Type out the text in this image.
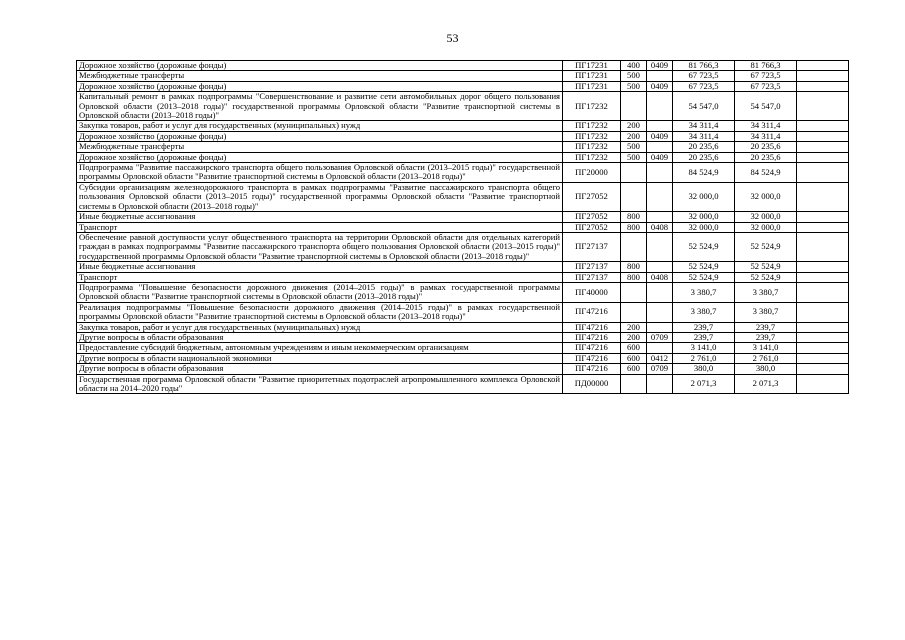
53
Дорожное хозяйство (дорожные фонды)	ПГ17231	400	0409	81 766,3	81 766,3	
Межбюджетные трансферты	ПГ17231	500		67 723,5	67 723,5	
Дорожное хозяйство (дорожные фонды)	ПГ17231	500	0409	67 723,5	67 723,5	
Капитальный ремонт в рамках подпрограммы "Совершенствование и развитие сети автомобильных дорог общего пользования Орловской области (2013–2018 годы)" государственной программы Орловской области "Развитие транспортной системы в Орловской области (2013–2018 годы)"	ПГ17232			54 547,0	54 547,0	
Закупка товаров, работ и услуг для государственных (муниципальных) нужд	ПГ17232	200		34 311,4	34 311,4	
Дорожное хозяйство (дорожные фонды)	ПГ17232	200	0409	34 311,4	34 311,4	
Межбюджетные трансферты	ПГ17232	500		20 235,6	20 235,6	
Дорожное хозяйство (дорожные фонды)	ПГ17232	500	0409	20 235,6	20 235,6	
Подпрограмма "Развитие пассажирского транспорта общего пользования Орловской области (2013–2015 годы)" государственной программы Орловской области "Развитие транспортной системы в Орловской области (2013–2018 годы)"	ПГ20000			84 524,9	84 524,9	
Субсидии организациям железнодорожного транспорта в рамках подпрограммы "Развитие пассажирского транспорта общего пользования Орловской области (2013–2015 годы)" государственной программы Орловской области "Развитие транспортной системы в Орловской области (2013–2018 годы)"	ПГ27052			32 000,0	32 000,0	
Иные бюджетные ассигнования	ПГ27052	800		32 000,0	32 000,0	
Транспорт	ПГ27052	800	0408	32 000,0	32 000,0	
Обеспечение равной доступности услуг общественного транспорта на территории Орловской области для отдельных категорий граждан в рамках подпрограммы "Развитие пассажирского транспорта общего пользования Орловской области (2013–2015 годы)" государственной программы Орловской области "Развитие транспортной системы в Орловской области (2013–2018 годы)"	ПГ27137			52 524,9	52 524,9	
Иные бюджетные ассигнования	ПГ27137	800		52 524,9	52 524,9	
Транспорт	ПГ27137	800	0408	52 524,9	52 524,9	
Подпрограмма "Повышение безопасности дорожного движения (2014–2015 годы)" в рамках государственной программы Орловской области "Развитие транспортной системы в Орловской области (2013–2018 годы)"	ПГ40000			3 380,7	3 380,7	
Реализация подпрограммы "Повышение безопасности дорожного движения (2014–2015 годы)" в рамках государственной программы Орловской области "Развитие транспортной системы в Орловской области (2013–2018 годы)"	ПГ47216			3 380,7	3 380,7	
Закупка товаров, работ и услуг для государственных (муниципальных) нужд	ПГ47216	200		239,7	239,7	
Другие вопросы в области образования	ПГ47216	200	0709	239,7	239,7	
Предоставление субсидий бюджетным, автономным учреждениям и иным некоммерческим организациям	ПГ47216	600		3 141,0	3 141,0	
Другие вопросы в области национальной экономики	ПГ47216	600	0412	2 761,0	2 761,0	
Другие вопросы в области образования	ПГ47216	600	0709	380,0	380,0	
Государственная программа Орловской области "Развитие приоритетных подотраслей агропромышленного комплекса Орловской области на 2014–2020 годы"	ПД00000			2 071,3	2 071,3	
